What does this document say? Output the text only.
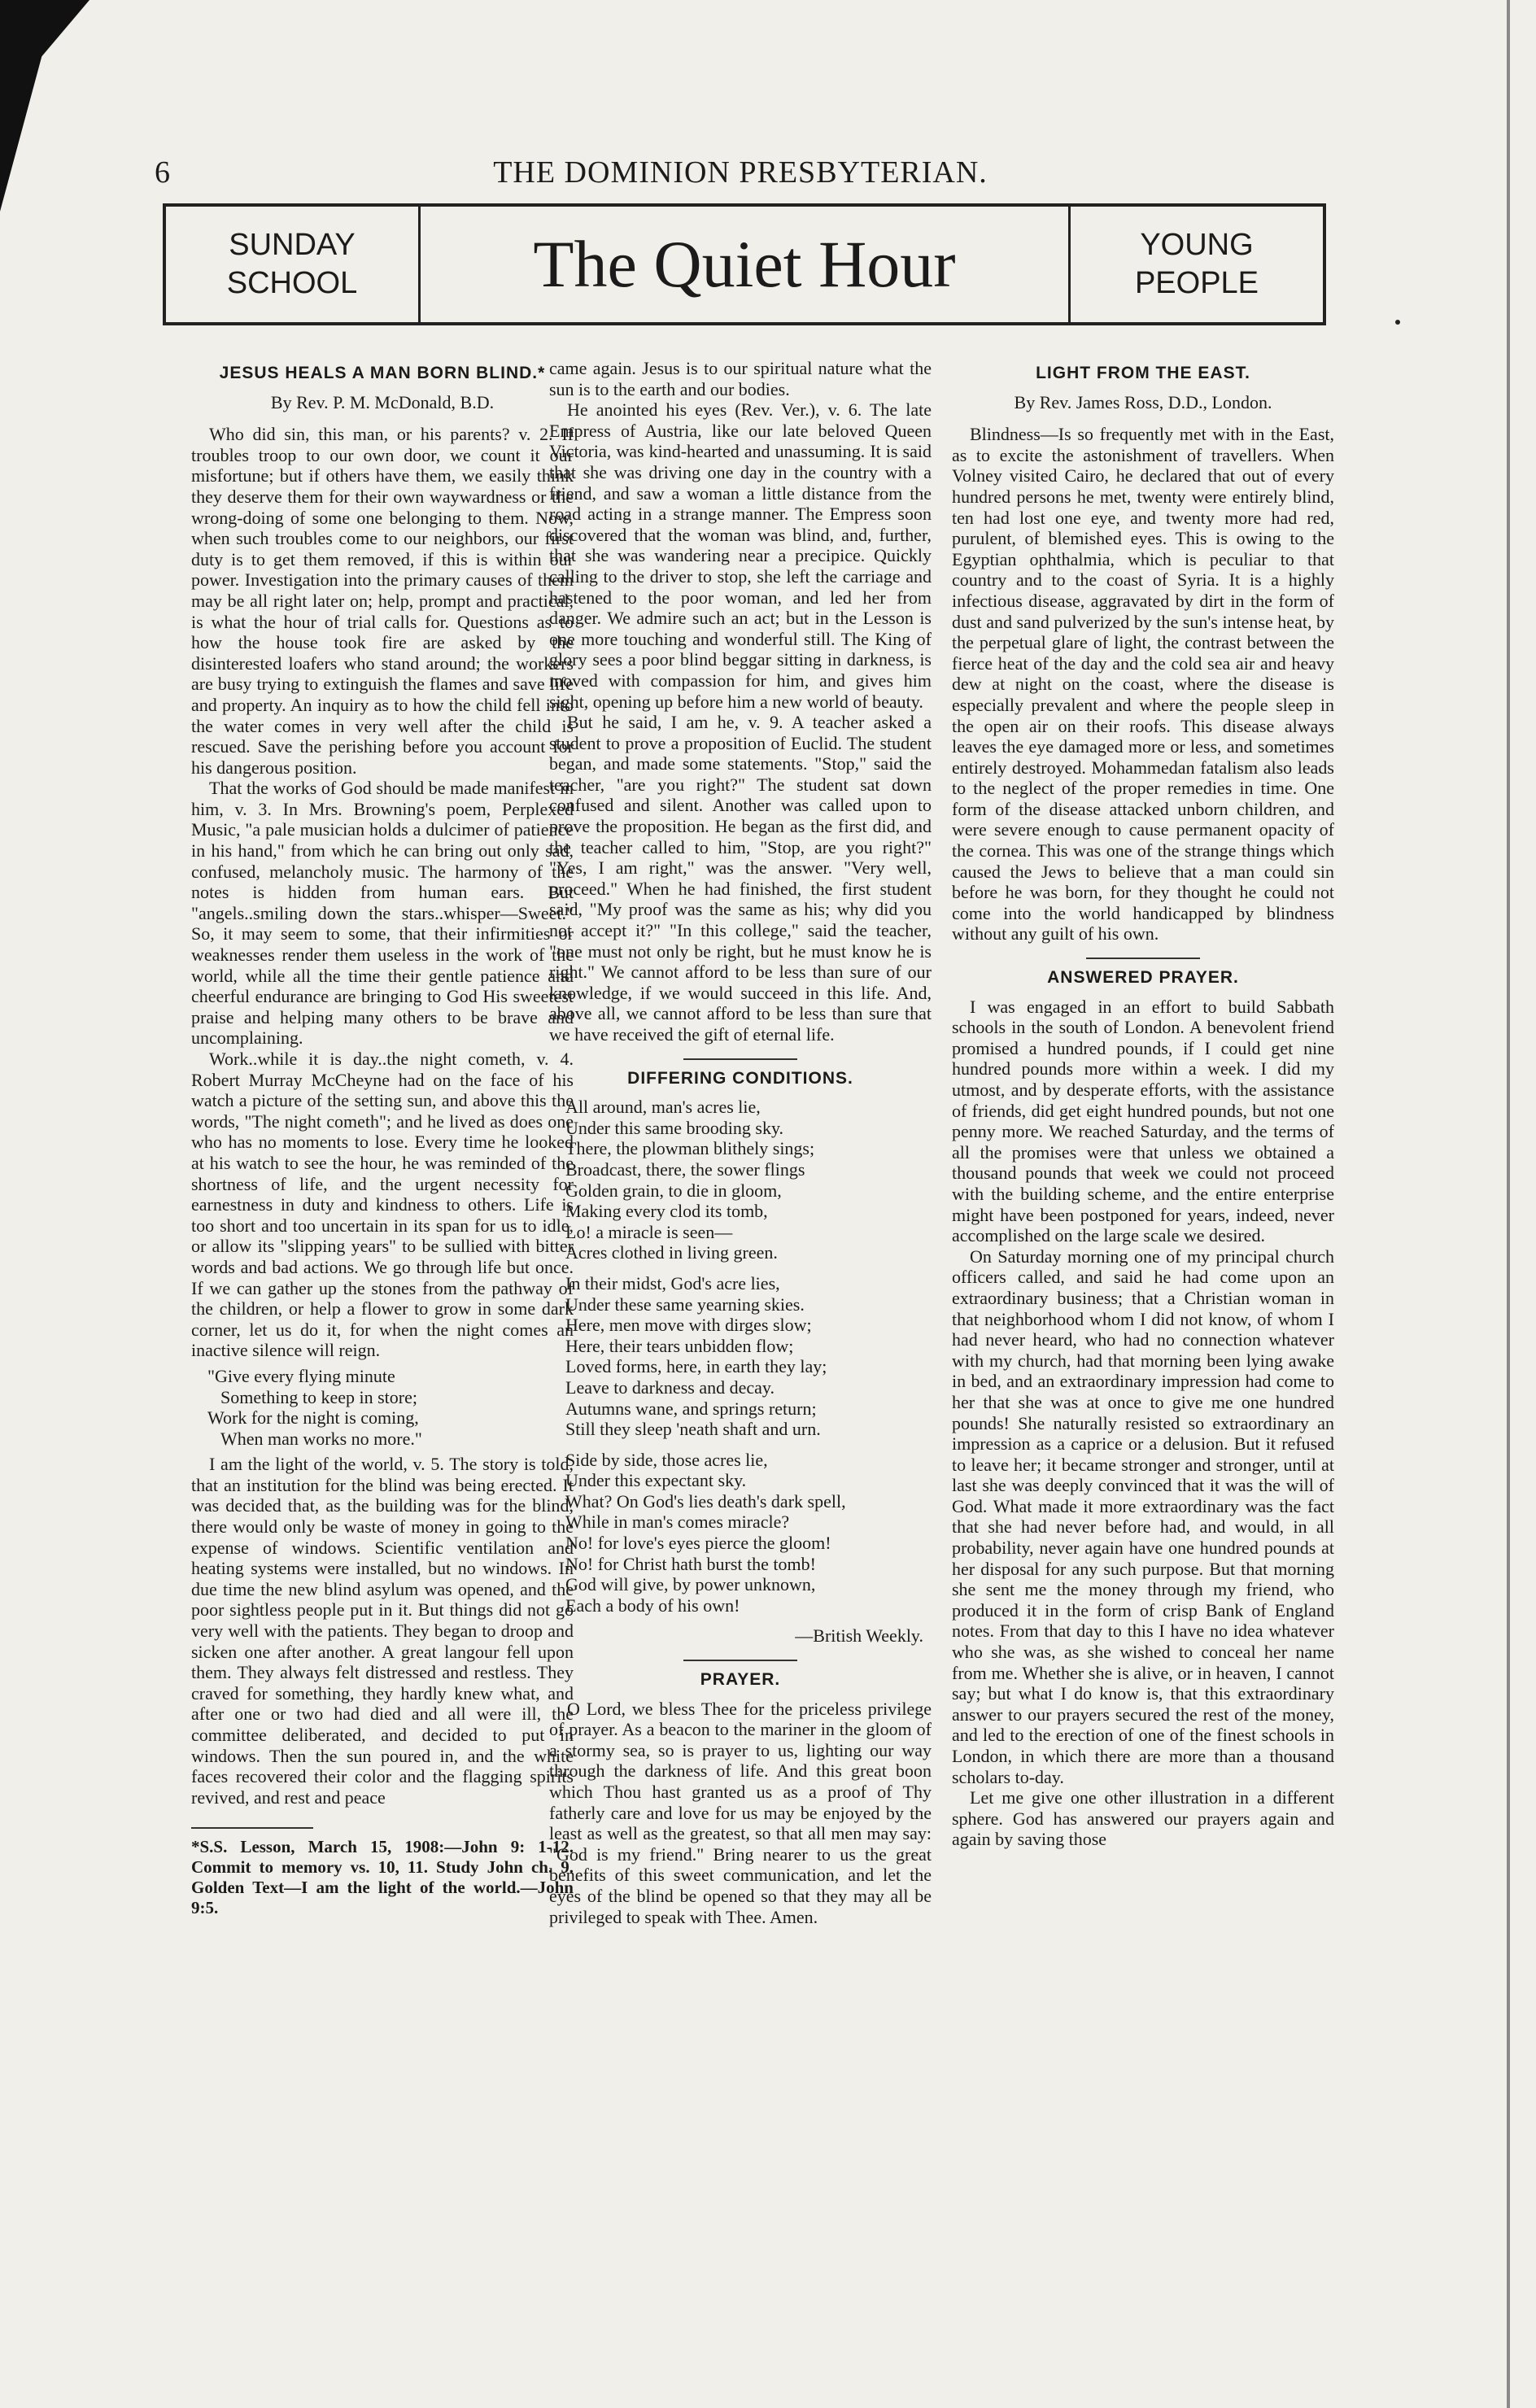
6	THE DOMINION PRESBYTERIAN.
SUNDAY
SCHOOL	The Quiet Hour	YOUNG
PEOPLE
JESUS HEALS A MAN BORN BLIND.*
By Rev. P. M. McDonald, B.D.

Who did sin, this man, or his parents? v. 2. If troubles troop to our own door, we count it our misfortune; but if others have them, we easily think they deserve them for their own waywardness or the wrong-doing of some one belonging to them. Now, when such troubles come to our neighbors, our first duty is to get them removed, if this is within our power. Investigation into the primary causes of them may be all right later on; help, prompt and practical, is what the hour of trial calls for. Questions as to how the house took fire are asked by the disinterested loafers who stand around; the workers are busy trying to extinguish the flames and save life and property. An inquiry as to how the child fell into the water comes in very well after the child is rescued. Save the perishing before you account for his dangerous position.

That the works of God should be made manifest in him, v. 3. In Mrs. Browning's poem, Perplexed Music, "a pale musician holds a dulcimer of patience in his hand," from which he can bring out only sad, confused, melancholy music. The harmony of the notes is hidden from human ears. But "angels..smiling down the stars..whisper—Sweet." So, it may seem to some, that their infirmities or weaknesses render them useless in the work of the world, while all the time their gentle patience and cheerful endurance are bringing to God His sweetest praise and helping many others to be brave and uncomplaining.

Work..while it is day..the night cometh, v. 4. Robert Murray McCheyne had on the face of his watch a picture of the setting sun, and above this the words, "The night cometh"; and he lived as does one who has no moments to lose. Every time he looked at his watch to see the hour, he was reminded of the shortness of life, and the urgent necessity for earnestness in duty and kindness to others. Life is too short and too uncertain in its span for us to idle, or allow its "slipping years" to be sullied with bitter words and bad actions. We go through life but once. If we can gather up the stones from the pathway of the children, or help a flower to grow in some dark corner, let us do it, for when the night comes an inactive silence will reign.

"Give every flying minute
Something to keep in store;
Work for the night is coming,
When man works no more."

I am the light of the world, v. 5. The story is told, that an institution for the blind was being erected. It was decided that, as the building was for the blind, there would only be waste of money in going to the expense of windows. Scientific ventilation and heating systems were installed, but no windows. In due time the new blind asylum was opened, and the poor sightless people put in it. But things did not go very well with the patients. They began to droop and sicken one after another. A great langour fell upon them. They always felt distressed and restless. They craved for something, they hardly knew what, and after one or two had died and all were ill, the committee deliberated, and decided to put in windows. Then the sun poured in, and the white faces recovered their color and the flagging spirits revived, and rest and peace

*S.S. Lesson, March 15, 1908:—John 9: 1-12. Commit to memory vs. 10, 11. Study John ch. 9. Golden Text—I am the light of the world.—John 9:5.

came again. Jesus is to our spiritual nature what the sun is to the earth and our bodies.

He anointed his eyes (Rev. Ver.), v. 6. The late Empress of Austria, like our late beloved Queen Victoria, was kind-hearted and unassuming. It is said that she was driving one day in the country with a friend, and saw a woman a little distance from the road acting in a strange manner. The Empress soon discovered that the woman was blind, and, further, that she was wandering near a precipice. Quickly calling to the driver to stop, she left the carriage and hastened to the poor woman, and led her from danger. We admire such an act; but in the Lesson is one more touching and wonderful still. The King of glory sees a poor blind beggar sitting in darkness, is moved with compassion for him, and gives him sight, opening up before him a new world of beauty.

But he said, I am he, v. 9. A teacher asked a student to prove a proposition of Euclid. The student began, and made some statements. "Stop," said the teacher, "are you right?" The student sat down confused and silent. Another was called upon to prove the proposition. He began as the first did, and the teacher called to him, "Stop, are you right?" "Yes, I am right," was the answer. "Very well, proceed." When he had finished, the first student said, "My proof was the same as his; why did you not accept it?" "In this college," said the teacher, "one must not only be right, but he must know he is right." We cannot afford to be less than sure of our knowledge, if we would succeed in this life. And, above all, we cannot afford to be less than sure that we have received the gift of eternal life.

DIFFERING CONDITIONS.
All around, man's acres lie,
Under this same brooding sky.
There, the plowman blithely sings;
Broadcast, there, the sower flings
Golden grain, to die in gloom,
Making every clod its tomb,
Lo! a miracle is seen—
Acres clothed in living green.
In their midst, God's acre lies,
Under these same yearning skies.
Here, men move with dirges slow;
Here, their tears unbidden flow;
Loved forms, here, in earth they lay;
Leave to darkness and decay.
Autumns wane, and springs return;
Still they sleep 'neath shaft and urn.
Side by side, those acres lie,
Under this expectant sky.
What? On God's lies death's dark spell,
While in man's comes miracle?
No! for love's eyes pierce the gloom!
No! for Christ hath burst the tomb!
God will give, by power unknown,
Each a body of his own!
—British Weekly.
PRAYER.

O Lord, we bless Thee for the priceless privilege of prayer. As a beacon to the mariner in the gloom of a stormy sea, so is prayer to us, lighting our way through the darkness of life. And this great boon which Thou hast granted us as a proof of Thy fatherly care and love for us may be enjoyed by the least as well as the greatest, so that all men may say: "God is my friend." Bring nearer to us the great benefits of this sweet communication, and let the eyes of the blind be opened so that they may all be privileged to speak with Thee. Amen.

LIGHT FROM THE EAST.
By Rev. James Ross, D.D., London.

Blindness—Is so frequently met with in the East, as to excite the astonishment of travellers. When Volney visited Cairo, he declared that out of every hundred persons he met, twenty were entirely blind, ten had lost one eye, and twenty more had red, purulent, of blemished eyes. This is owing to the Egyptian ophthalmia, which is peculiar to that country and to the coast of Syria. It is a highly infectious disease, aggravated by dirt in the form of dust and sand pulverized by the sun's intense heat, by the perpetual glare of light, the contrast between the fierce heat of the day and the cold sea air and heavy dew at night on the coast, where the disease is especially prevalent and where the people sleep in the open air on their roofs. This disease always leaves the eye damaged more or less, and sometimes entirely destroyed. Mohammedan fatalism also leads to the neglect of the proper remedies in time. One form of the disease attacked unborn children, and were severe enough to cause permanent opacity of the cornea. This was one of the strange things which caused the Jews to believe that a man could sin before he was born, for they thought he could not come into the world handicapped by blindness without any guilt of his own.

ANSWERED PRAYER.

I was engaged in an effort to build Sabbath schools in the south of London. A benevolent friend promised a hundred pounds, if I could get nine hundred pounds more within a week. I did my utmost, and by desperate efforts, with the assistance of friends, did get eight hundred pounds, but not one penny more. We reached Saturday, and the terms of all the promises were that unless we obtained a thousand pounds that week we could not proceed with the building scheme, and the entire enterprise might have been postponed for years, indeed, never accomplished on the large scale we desired.

On Saturday morning one of my principal church officers called, and said he had come upon an extraordinary business; that a Christian woman in that neighborhood whom I did not know, of whom I had never heard, who had no connection whatever with my church, had that morning been lying awake in bed, and an extraordinary impression had come to her that she was at once to give me one hundred pounds! She naturally resisted so extraordinary an impression as a caprice or a delusion. But it refused to leave her; it became stronger and stronger, until at last she was deeply convinced that it was the will of God. What made it more extraordinary was the fact that she had never before had, and would, in all probability, never again have one hundred pounds at her disposal for any such purpose. But that morning she sent me the money through my friend, who produced it in the form of crisp Bank of England notes. From that day to this I have no idea whatever who she was, as she wished to conceal her name from me. Whether she is alive, or in heaven, I cannot say; but what I do know is, that this extraordinary answer to our prayers secured the rest of the money, and led to the erection of one of the finest schools in London, in which there are more than a thousand scholars to-day.

Let me give one other illustration in a different sphere. God has answered our prayers again and again by saving those
